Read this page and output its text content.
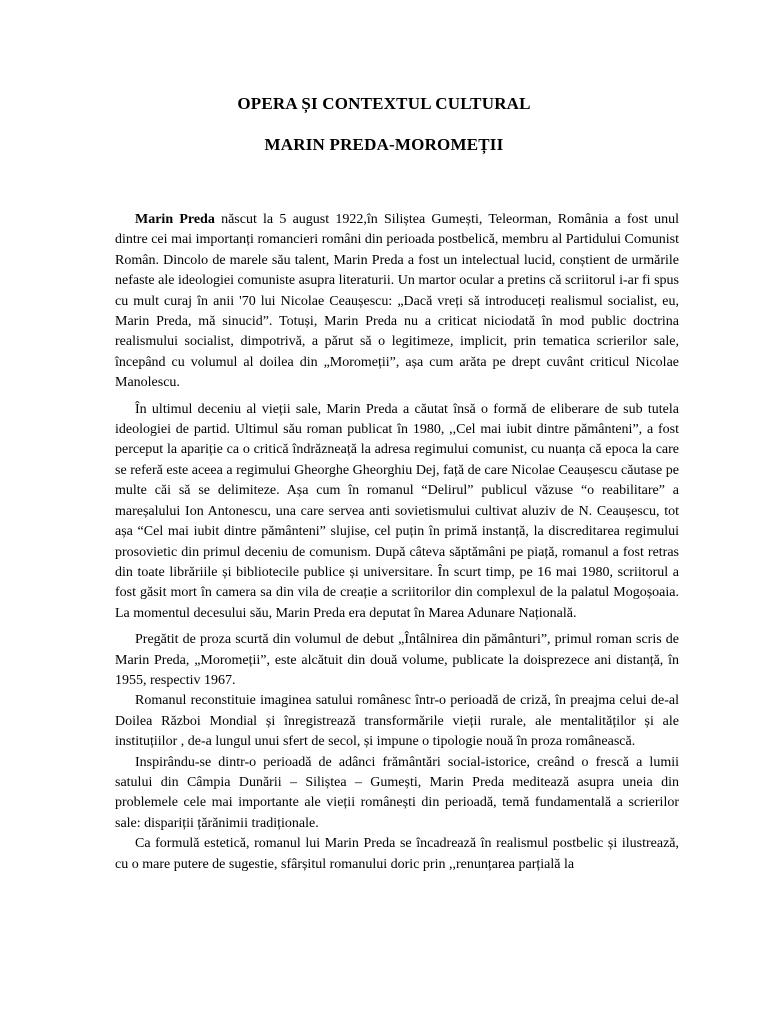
OPERA ȘI CONTEXTUL CULTURAL
MARIN PREDA-MOROMEȚII

Marin Preda născut la 5 august 1922,în Siliștea Gumești, Teleorman, România a fost unul dintre cei mai importanți romancieri români din perioada postbelică, membru al Partidului Comunist Român. Dincolo de marele său talent, Marin Preda a fost un intelectual lucid, conștient de urmările nefaste ale ideologiei comuniste asupra literaturii. Un martor ocular a pretins că scriitorul i-ar fi spus cu mult curaj în anii '70 lui Nicolae Ceaușescu: „Dacă vreți să introduceți realismul socialist, eu, Marin Preda, mă sinucid”. Totuși, Marin Preda nu a criticat niciodată în mod public doctrina realismului socialist, dimpotrivă, a părut să o legitimeze, implicit, prin tematica scrierilor sale, începând cu volumul al doilea din „Moromeții”, așa cum arăta pe drept cuvânt criticul Nicolae Manolescu.

În ultimul deceniu al vieții sale, Marin Preda a căutat însă o formă de eliberare de sub tutela ideologiei de partid. Ultimul său roman publicat în 1980, ,,Cel mai iubit dintre pământeni”, a fost perceput la apariție ca o critică îndrăzneață la adresa regimului comunist, cu nuanța că epoca la care se referă este aceea a regimului Gheorghe Gheorghiu Dej, față de care Nicolae Ceaușescu căutase pe multe căi să se delimiteze. Așa cum în romanul “Delirul” publicul văzuse “o reabilitare” a mareșalului Ion Antonescu, una care servea anti sovietismului cultivat aluziv de N. Ceaușescu, tot așa “Cel mai iubit dintre pământeni” slujise, cel puțin în primă instanță, la discreditarea regimului prosovietic din primul deceniu de comunism. După câteva săptămâni pe piață, romanul a fost retras din toate librăriile și bibliotecile publice și universitare. În scurt timp, pe 16 mai 1980, scriitorul a fost găsit mort în camera sa din vila de creație a scriitorilor din complexul de la palatul Mogoșoaia. La momentul decesului său, Marin Preda era deputat în Marea Adunare Națională.

Pregătit de proza scurtă din volumul de debut „Întâlnirea din pământuri”, primul roman scris de Marin Preda, „Moromeții”, este alcătuit din două volume, publicate la doisprezece ani distanță, în 1955, respectiv 1967.

Romanul reconstituie imaginea satului românesc într-o perioadă de criză, în preajma celui de-al Doilea Război Mondial și înregistrează transformările vieții rurale, ale mentalităților și ale instituțiilor , de-a lungul unui sfert de secol, și impune o tipologie nouă în proza românească.

Inspirându-se dintr-o perioadă de adânci frământări social-istorice, creând o frescă a lumii satului din Câmpia Dunării – Siliștea – Gumești, Marin Preda meditează asupra uneia din problemele cele mai importante ale vieții românești din perioadă, temă fundamentală a scrierilor sale: dispariții țărănimii tradiționale.

Ca formulă estetică, romanul lui Marin Preda se încadrează în realismul postbelic și ilustrează, cu o mare putere de sugestie, sfârșitul romanului doric prin ,,renunțarea parțială la
